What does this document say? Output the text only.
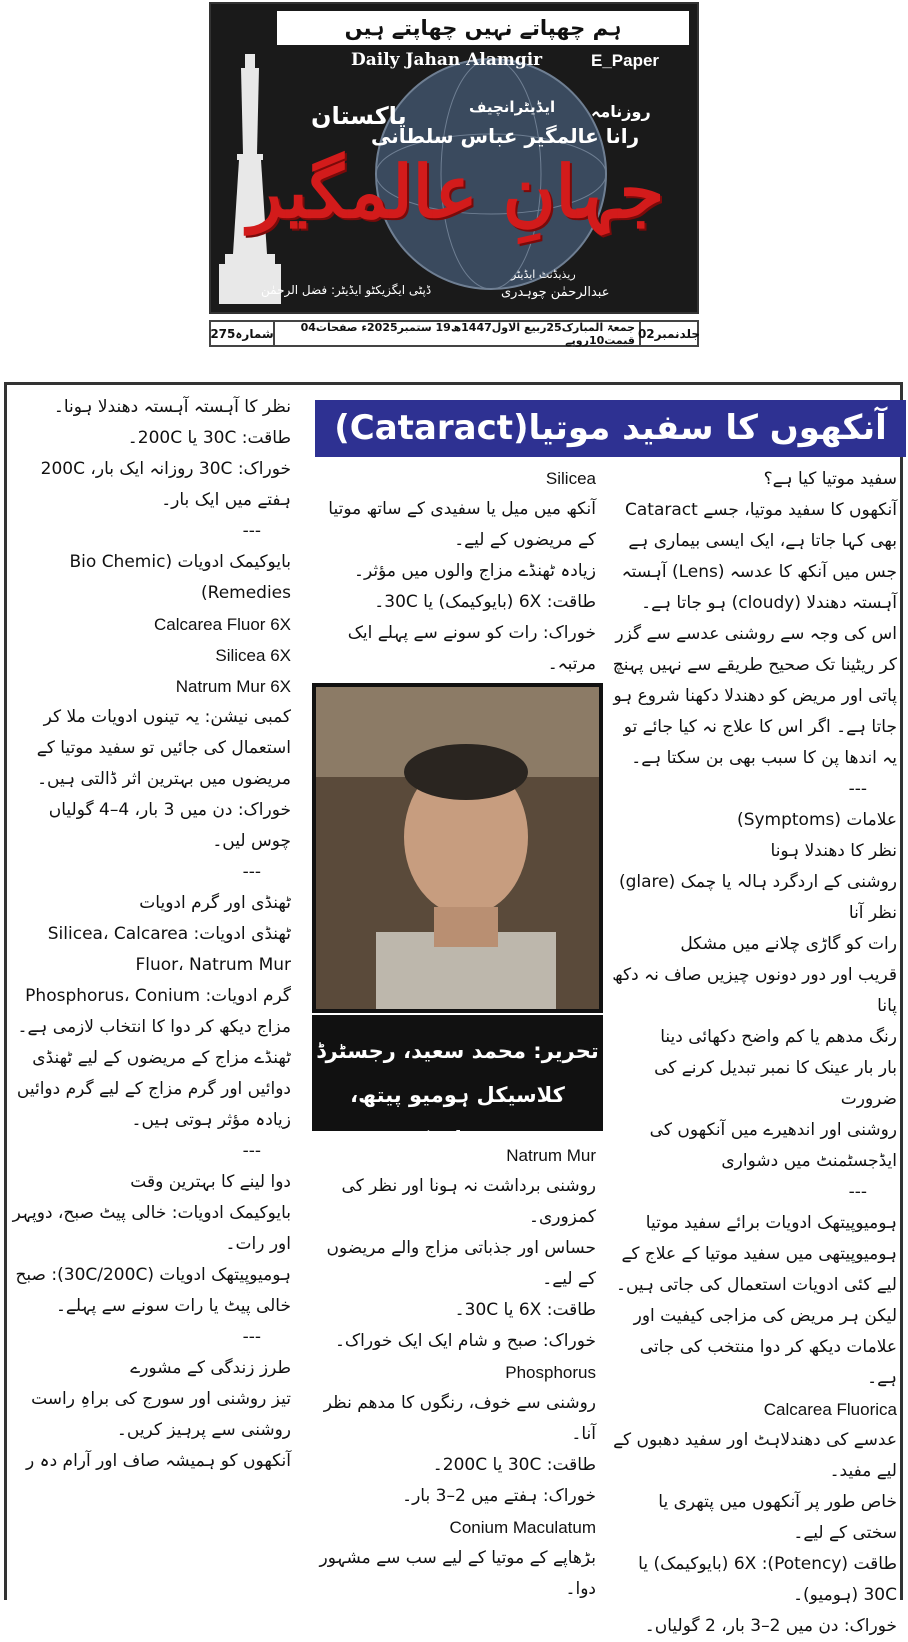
ہم چھپاتے نہیں چھاپتے ہیں
Daily Jahan Alamgir	E_Paper
روزنامہ
پاکستان	ایڈیٹرانچیف
رانا عالمگیر عباس سلطانی
جہانِ عالمگیر
ریذیڈنٹ ایڈیٹر
عبدالرحمٰن چوہدری
ڈپٹی ایگزیکٹو ایڈیٹر: فضل الرحمٰن
جلدنمبر02
جمعۃ المبارک25ربیع الاول1447ھ19 ستمبر2025ء صفحات04 قیمت10روپے
شمارہ275
آنکھوں کا سفید موتیا(Cataract)

سفید موتیا کیا ہے؟

آنکھوں کا سفید موتیا، جسے Cataract بھی کہا جاتا ہے، ایک ایسی بیماری ہے جس میں آنکھ کا عدسہ (Lens) آہستہ آہستہ دھندلا (cloudy) ہو جاتا ہے۔ اس کی وجہ سے روشنی عدسے سے گزر کر ریٹینا تک صحیح طریقے سے نہیں پہنچ پاتی اور مریض کو دھندلا دکھنا شروع ہو جاتا ہے۔ اگر اس کا علاج نہ کیا جائے تو یہ اندھا پن کا سبب بھی بن سکتا ہے۔

---

علامات (Symptoms)

نظر کا دھندلا ہونا

روشنی کے اردگرد ہالہ یا چمک (glare) نظر آنا

رات کو گاڑی چلانے میں مشکل

قریب اور دور دونوں چیزیں صاف نہ دکھ پانا

رنگ مدھم یا کم واضح دکھائی دینا

بار بار عینک کا نمبر تبدیل کرنے کی ضرورت

روشنی اور اندھیرے میں آنکھوں کی ایڈجسٹمنٹ میں دشواری

---

ہومیوپیتھک ادویات برائے سفید موتیا

ہومیوپیتھی میں سفید موتیا کے علاج کے لیے کئی ادویات استعمال کی جاتی ہیں۔ لیکن ہر مریض کی مزاجی کیفیت اور علامات دیکھ کر دوا منتخب کی جاتی ہے۔

Calcarea Fluorica

عدسے کی دھندلاہٹ اور سفید دھبوں کے لیے مفید۔

خاص طور پر آنکھوں میں پتھری یا سختی کے لیے۔

طاقت (Potency): 6X (بایوکیمک) یا 30C (ہومیو)۔

خوراک: دن میں 2–3 بار، 2 گولیاں۔

Silicea

آنکھ میں میل یا سفیدی کے ساتھ موتیا کے مریضوں کے لیے۔

زیادہ ٹھنڈے مزاج والوں میں مؤثر۔

طاقت: 6X (بایوکیمک) یا 30C۔

خوراک: رات کو سونے سے پہلے ایک مرتبہ۔

تحریر: محمد سعید، رجسٹرڈ کلاسیکل ہومیو پیتھ، نیدرلینڈز

Natrum Mur

روشنی برداشت نہ ہونا اور نظر کی کمزوری۔

حساس اور جذباتی مزاج والے مریضوں کے لیے۔

طاقت: 6X یا 30C۔

خوراک: صبح و شام ایک ایک خوراک۔

Phosphorus

روشنی سے خوف، رنگوں کا مدھم نظر آنا۔

طاقت: 30C یا 200C۔

خوراک: ہفتے میں 2–3 بار۔

Conium Maculatum

بڑھاپے کے موتیا کے لیے سب سے مشہور دوا۔

نظر کا آہستہ آہستہ دھندلا ہونا۔

طاقت: 30C یا 200C۔

خوراک: 30C روزانہ ایک بار، 200C ہفتے میں ایک بار۔

---

بایوکیمک ادویات (Bio Chemic Remedies)

Calcarea Fluor 6X

Silicea 6X

Natrum Mur 6X

کمبی نیشن: یہ تینوں ادویات ملا کر استعمال کی جائیں تو سفید موتیا کے مریضوں میں بہترین اثر ڈالتی ہیں۔

خوراک: دن میں 3 بار، 4–4 گولیاں چوس لیں۔

---

ٹھنڈی اور گرم ادویات

ٹھنڈی ادویات: Silicea، Calcarea Fluor، Natrum Mur

گرم ادویات: Phosphorus، Conium

مزاج دیکھ کر دوا کا انتخاب لازمی ہے۔ ٹھنڈے مزاج کے مریضوں کے لیے ٹھنڈی دوائیں اور گرم مزاج کے لیے گرم دوائیں زیادہ مؤثر ہوتی ہیں۔

---

دوا لینے کا بہترین وقت

بایوکیمک ادویات: خالی پیٹ صبح، دوپہر اور رات۔

ہومیوپیتھک ادویات (30C/200C): صبح خالی پیٹ یا رات سونے سے پہلے۔

---

طرز زندگی کے مشورے

تیز روشنی اور سورج کی براہِ راست روشنی سے پرہیز کریں۔

آنکھوں کو ہمیشہ صاف اور آرام دہ ر
